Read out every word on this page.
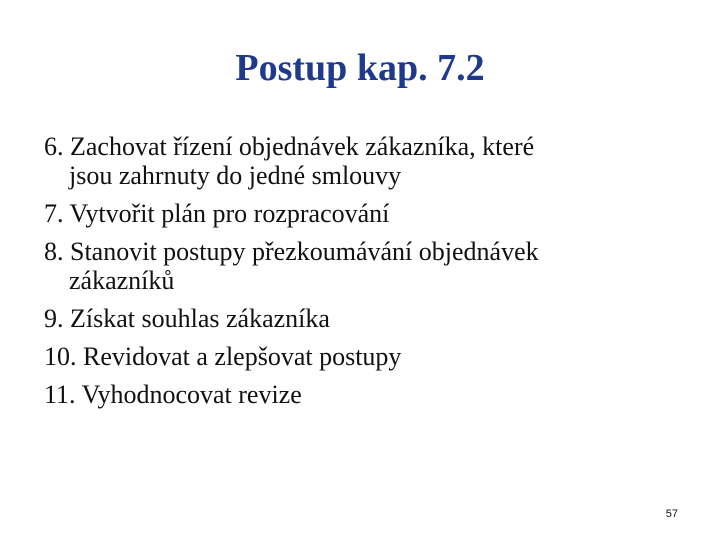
Postup kap. 7.2
6. Zachovat řízení objednávek zákazníka, které
jsou zahrnuty do jedné smlouvy
7. Vytvořit plán pro rozpracování
8. Stanovit postupy přezkoumávání objednávek
zákazníků
9. Získat souhlas zákazníka
10. Revidovat a zlepšovat postupy
11. Vyhodnocovat revize
57
